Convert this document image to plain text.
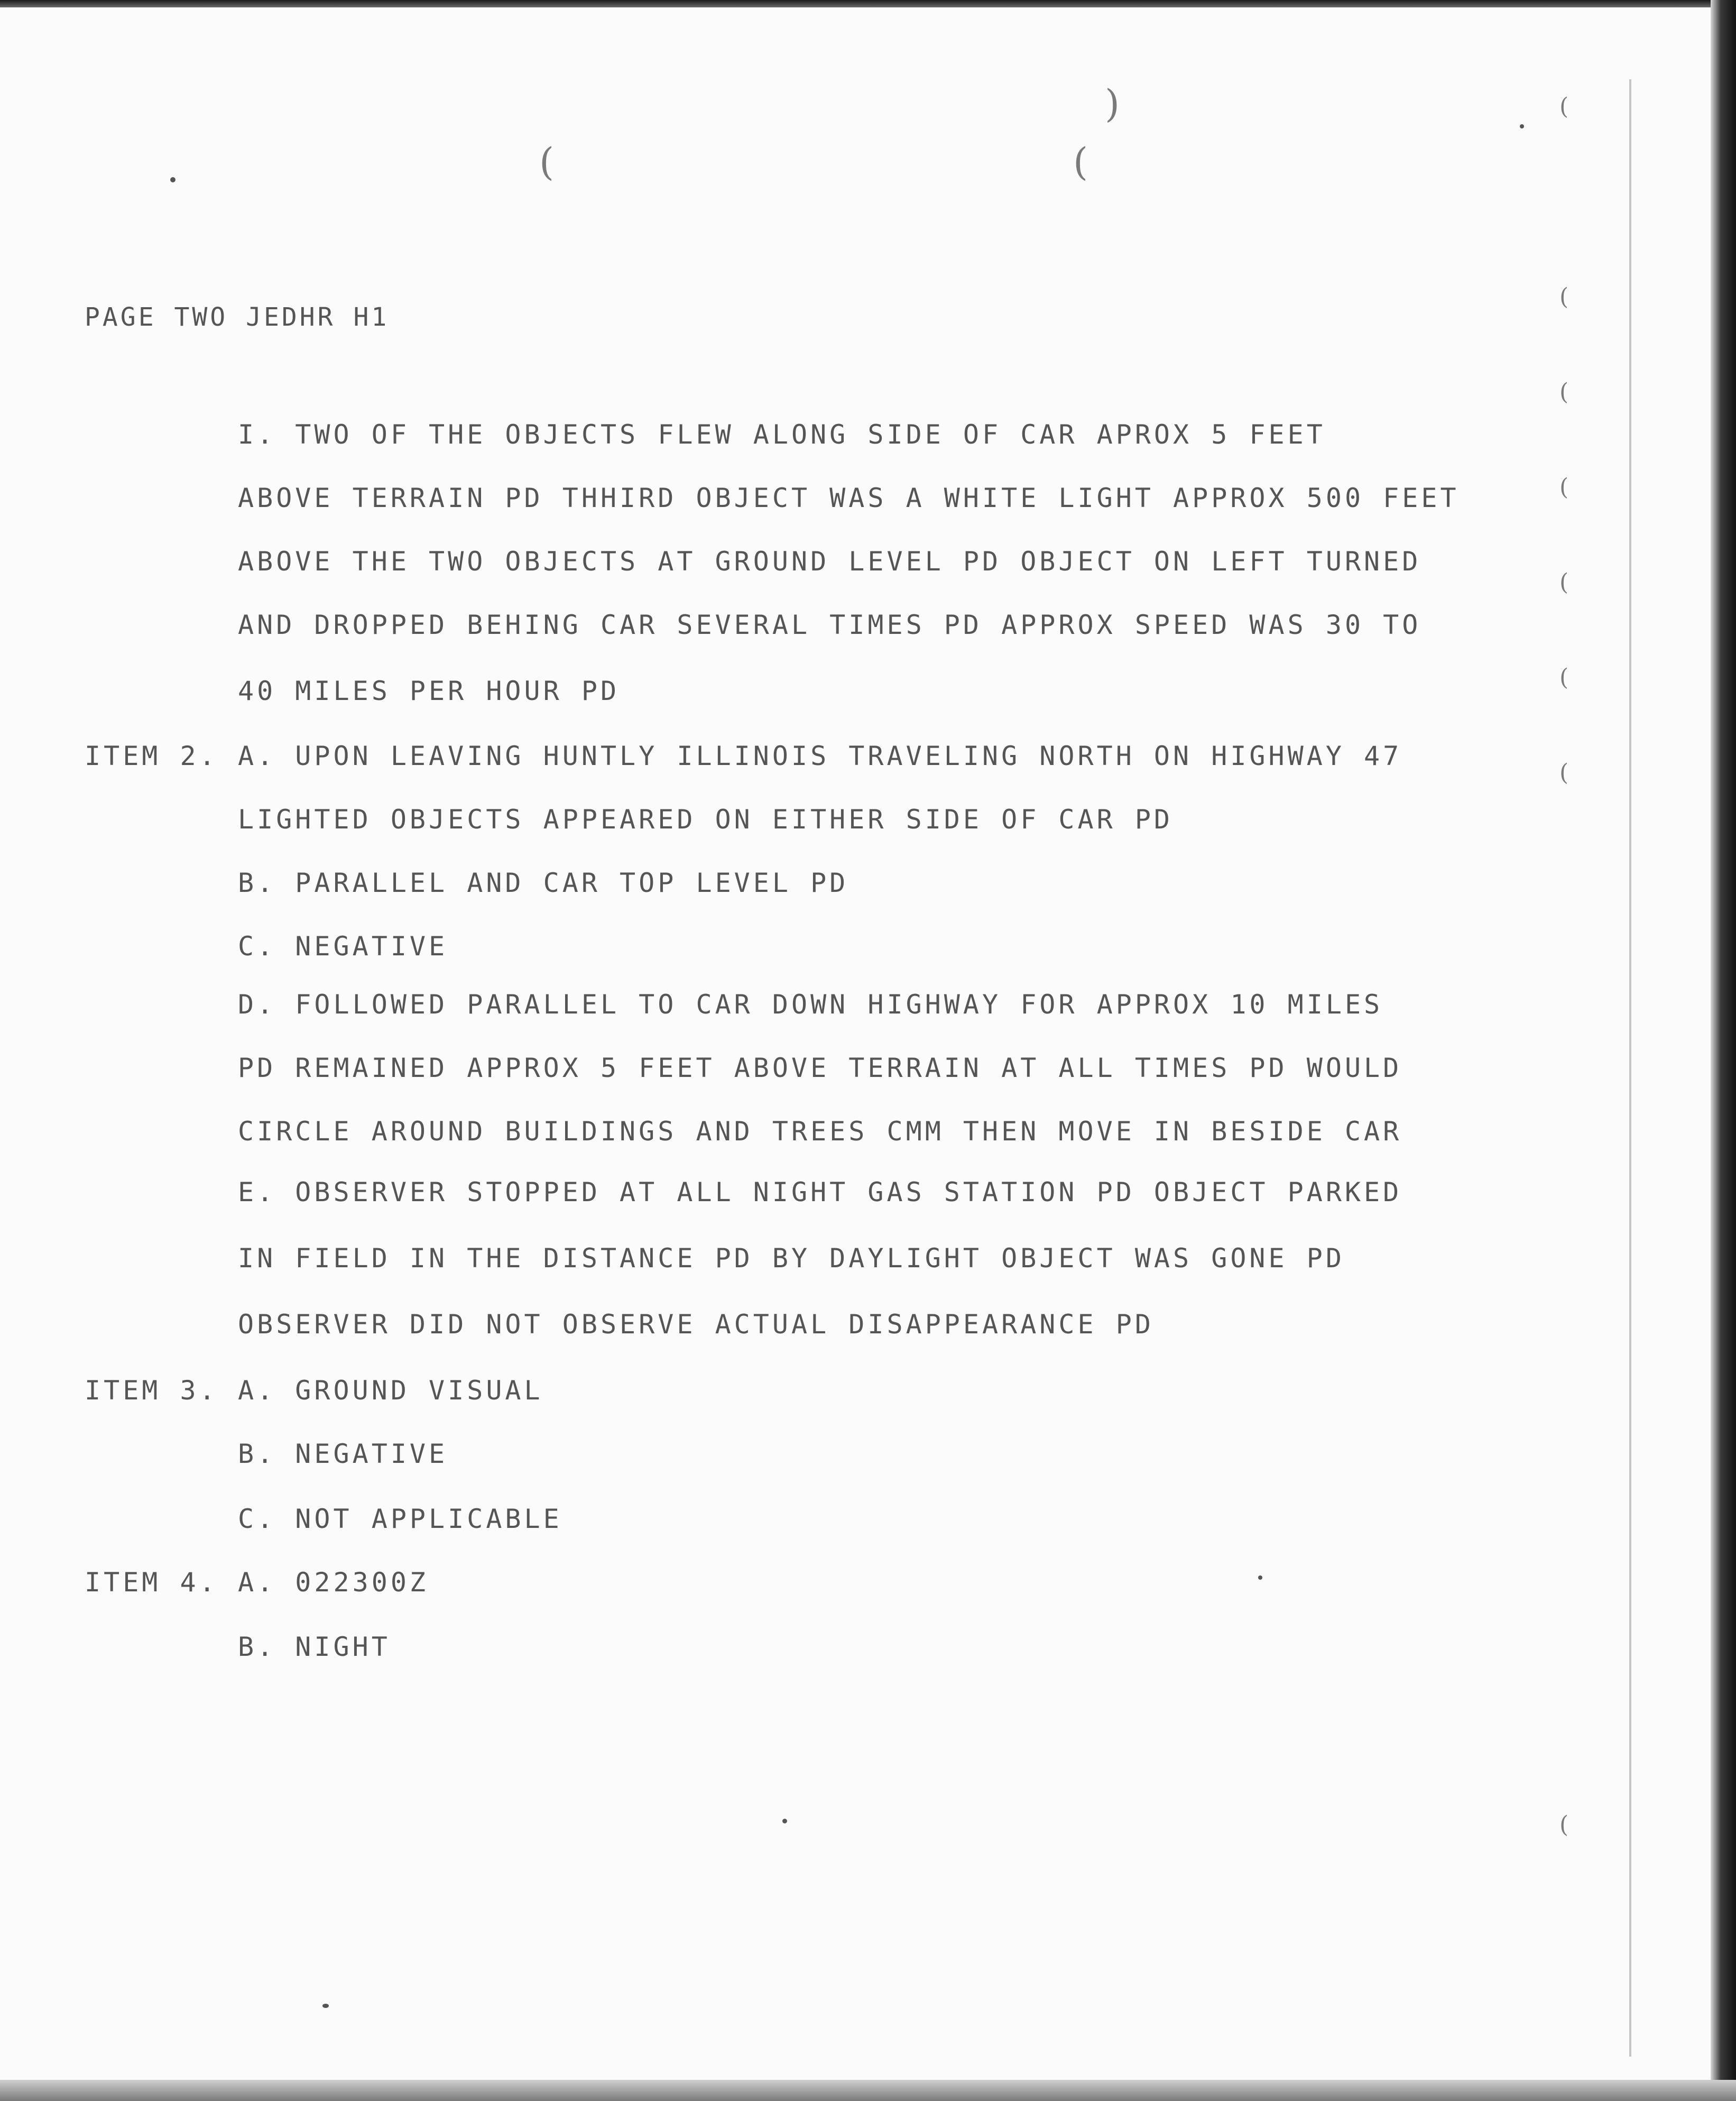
(	(
)	(
(
(
(
(
(
(
(

PAGE TWO JEDHR H1

I. TWO OF THE OBJECTS FLEW ALONG SIDE OF CAR APROX 5 FEET

ABOVE TERRAIN PD THHIRD OBJECT WAS A WHITE LIGHT APPROX 500 FEET

ABOVE THE TWO OBJECTS AT GROUND LEVEL PD OBJECT ON LEFT TURNED

AND DROPPED BEHING CAR SEVERAL TIMES PD APPROX SPEED WAS 30 TO

40 MILES PER HOUR PD

ITEM 2.

A. UPON LEAVING HUNTLY ILLINOIS TRAVELING NORTH ON HIGHWAY 47

LIGHTED OBJECTS APPEARED ON EITHER SIDE OF CAR PD

B. PARALLEL AND CAR TOP LEVEL PD

C. NEGATIVE

D. FOLLOWED PARALLEL TO CAR DOWN HIGHWAY FOR APPROX 10 MILES

PD REMAINED APPROX 5 FEET ABOVE TERRAIN AT ALL TIMES PD WOULD

CIRCLE AROUND BUILDINGS AND TREES CMM THEN MOVE IN BESIDE CAR

E. OBSERVER STOPPED AT ALL NIGHT GAS STATION PD OBJECT PARKED

IN FIELD IN THE DISTANCE PD BY DAYLIGHT OBJECT WAS GONE PD

OBSERVER DID NOT OBSERVE ACTUAL DISAPPEARANCE PD

ITEM 3.

A. GROUND VISUAL

B. NEGATIVE

C. NOT APPLICABLE

ITEM 4.

A. 022300Z

B. NIGHT
